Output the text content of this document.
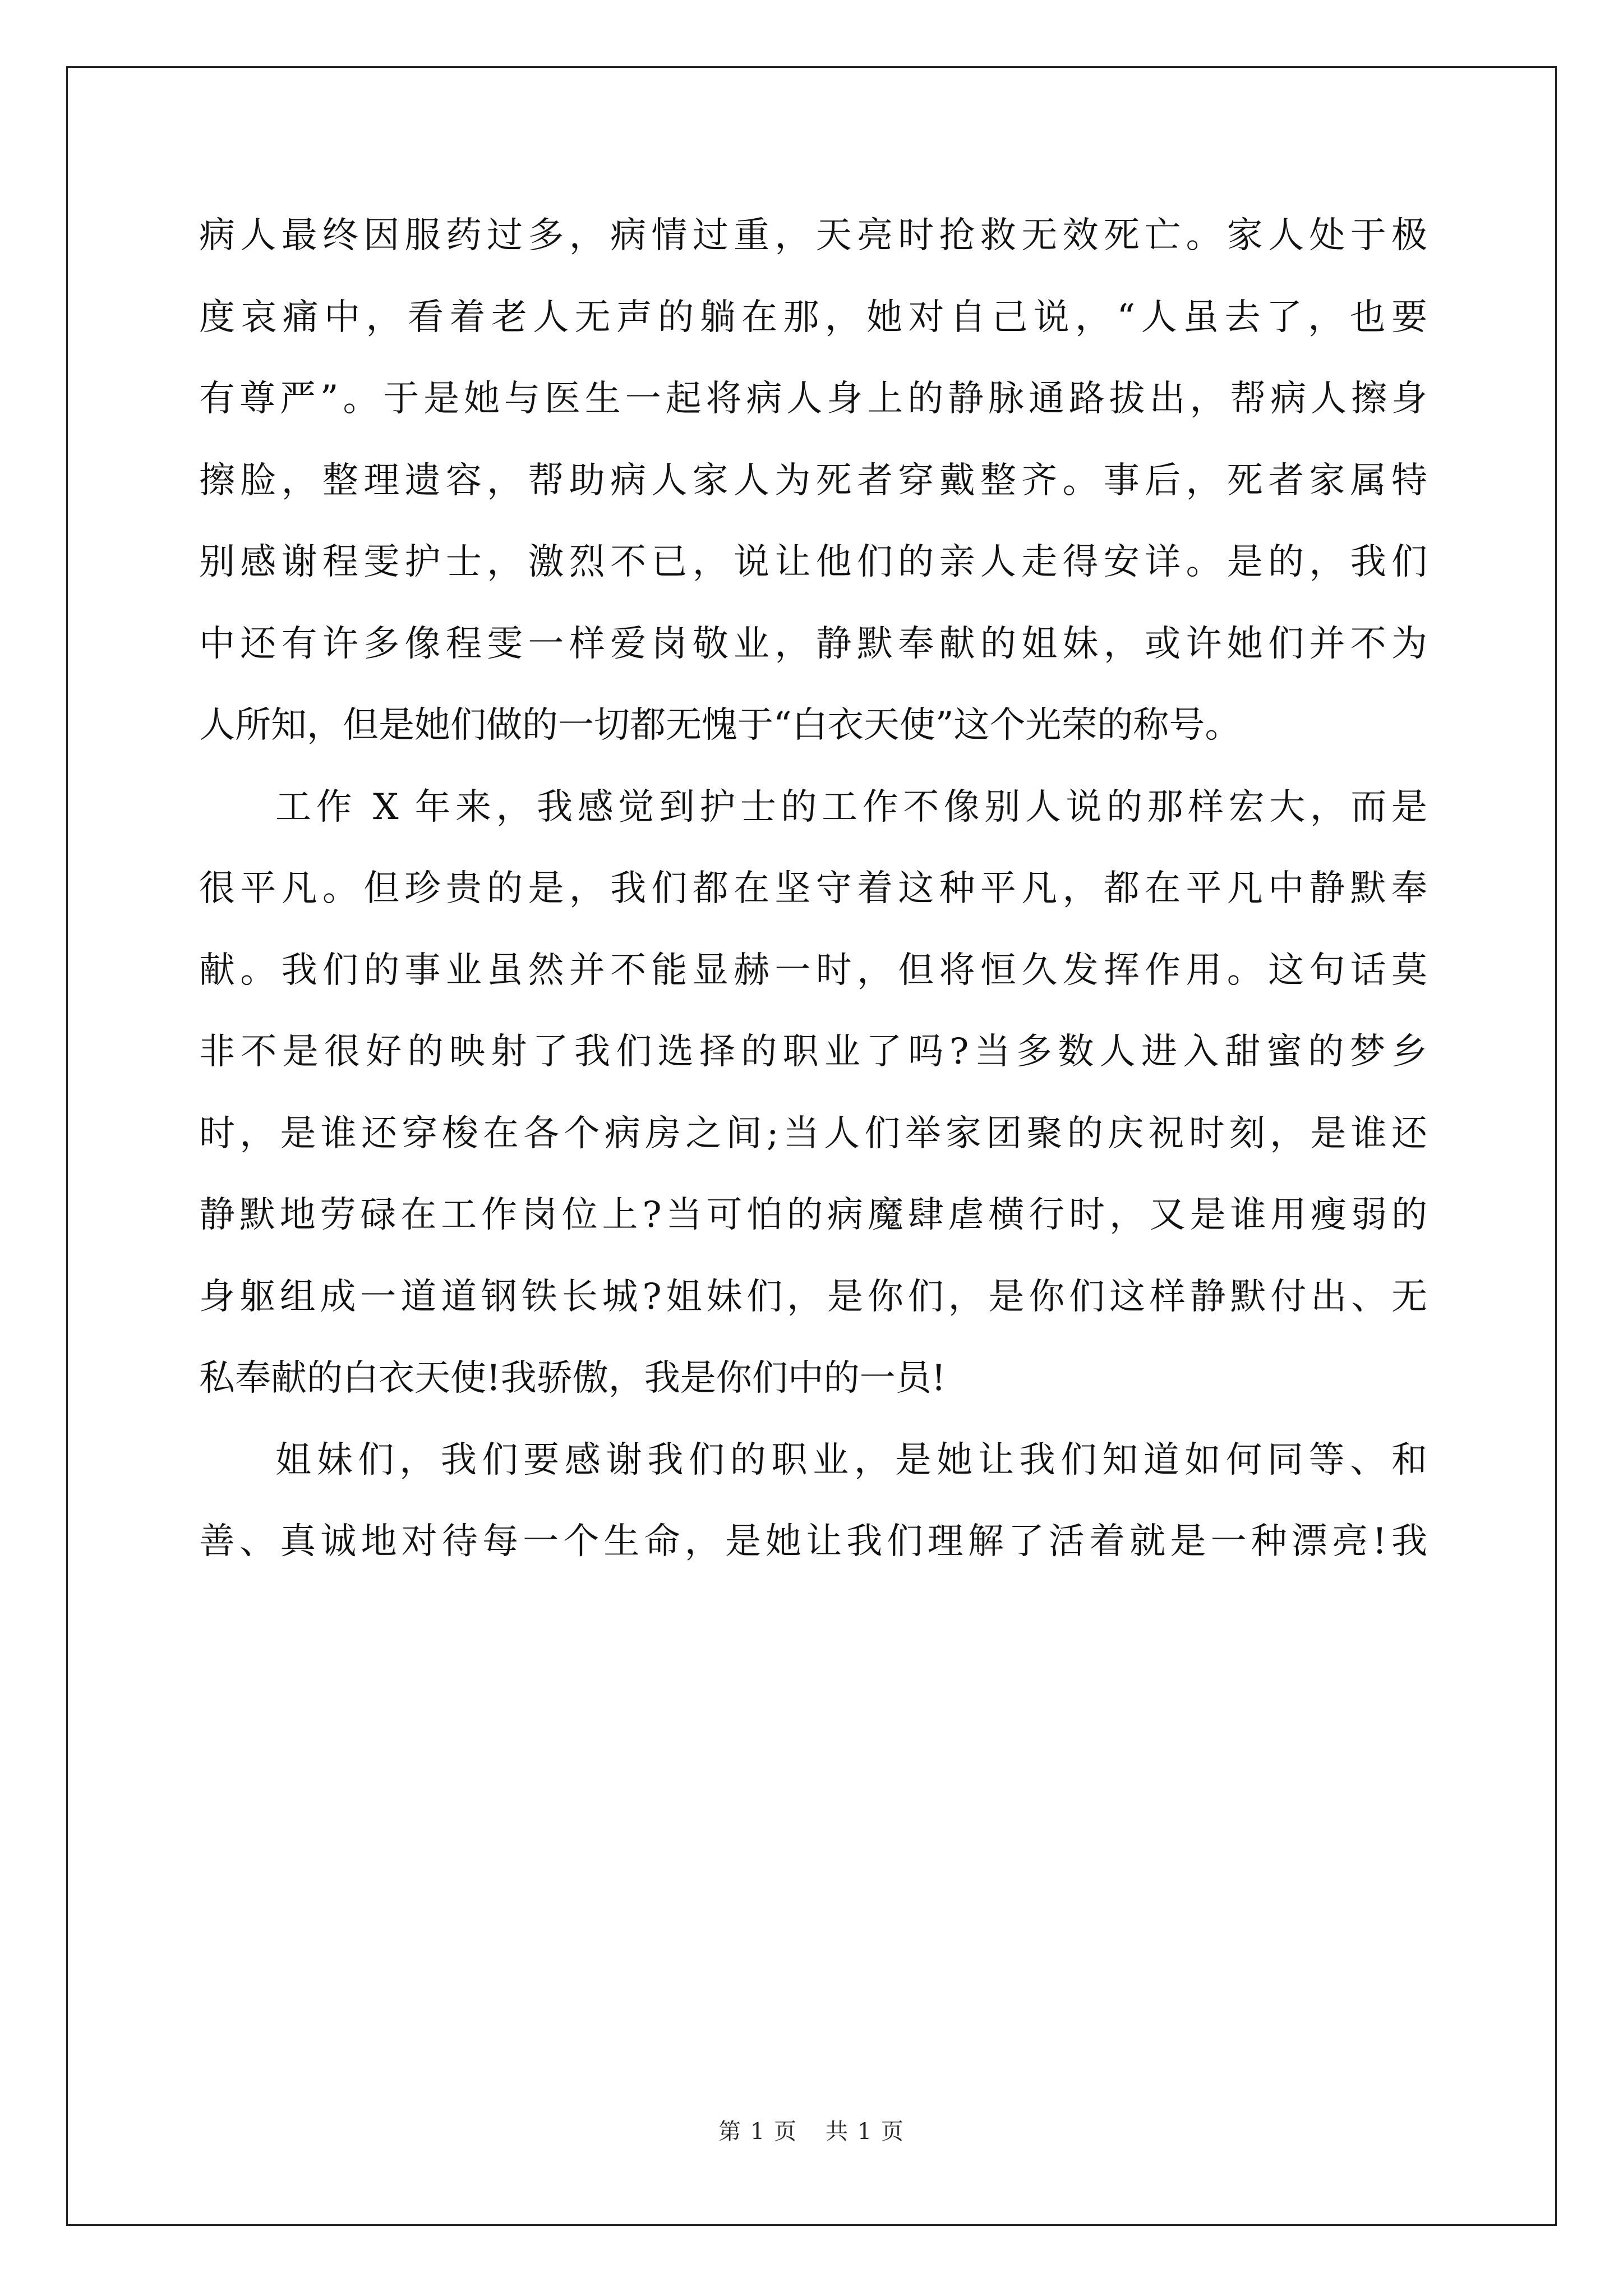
病人最终因服药过多，病情过重，天亮时抢救无效死亡。家人处于极
度哀痛中，看着老人无声的躺在那，她对自己说，“人虽去了，也要
有尊严”。于是她与医生一起将病人身上的静脉通路拔出，帮病人擦身
擦脸，整理遗容，帮助病人家人为死者穿戴整齐。事后，死者家属特
别感谢程雯护士，激烈不已，说让他们的亲人走得安详。是的，我们
中还有许多像程雯一样爱岗敬业，静默奉献的姐妹，或许她们并不为
人所知，但是她们做的一切都无愧于“白衣天使”这个光荣的称号。
工作 X 年来，我感觉到护士的工作不像别人说的那样宏大，而是
很平凡。但珍贵的是，我们都在坚守着这种平凡，都在平凡中静默奉
献。我们的事业虽然并不能显赫一时，但将恒久发挥作用。这句话莫
非不是很好的映射了我们选择的职业了吗?当多数人进入甜蜜的梦乡
时，是谁还穿梭在各个病房之间;当人们举家团聚的庆祝时刻，是谁还
静默地劳碌在工作岗位上?当可怕的病魔肆虐横行时，又是谁用瘦弱的
身躯组成一道道钢铁长城?姐妹们，是你们，是你们这样静默付出、无
私奉献的白衣天使!我骄傲，我是你们中的一员!
姐妹们，我们要感谢我们的职业，是她让我们知道如何同等、和
善、真诚地对待每一个生命，是她让我们理解了活着就是一种漂亮!我
第 1 页 共 1 页
